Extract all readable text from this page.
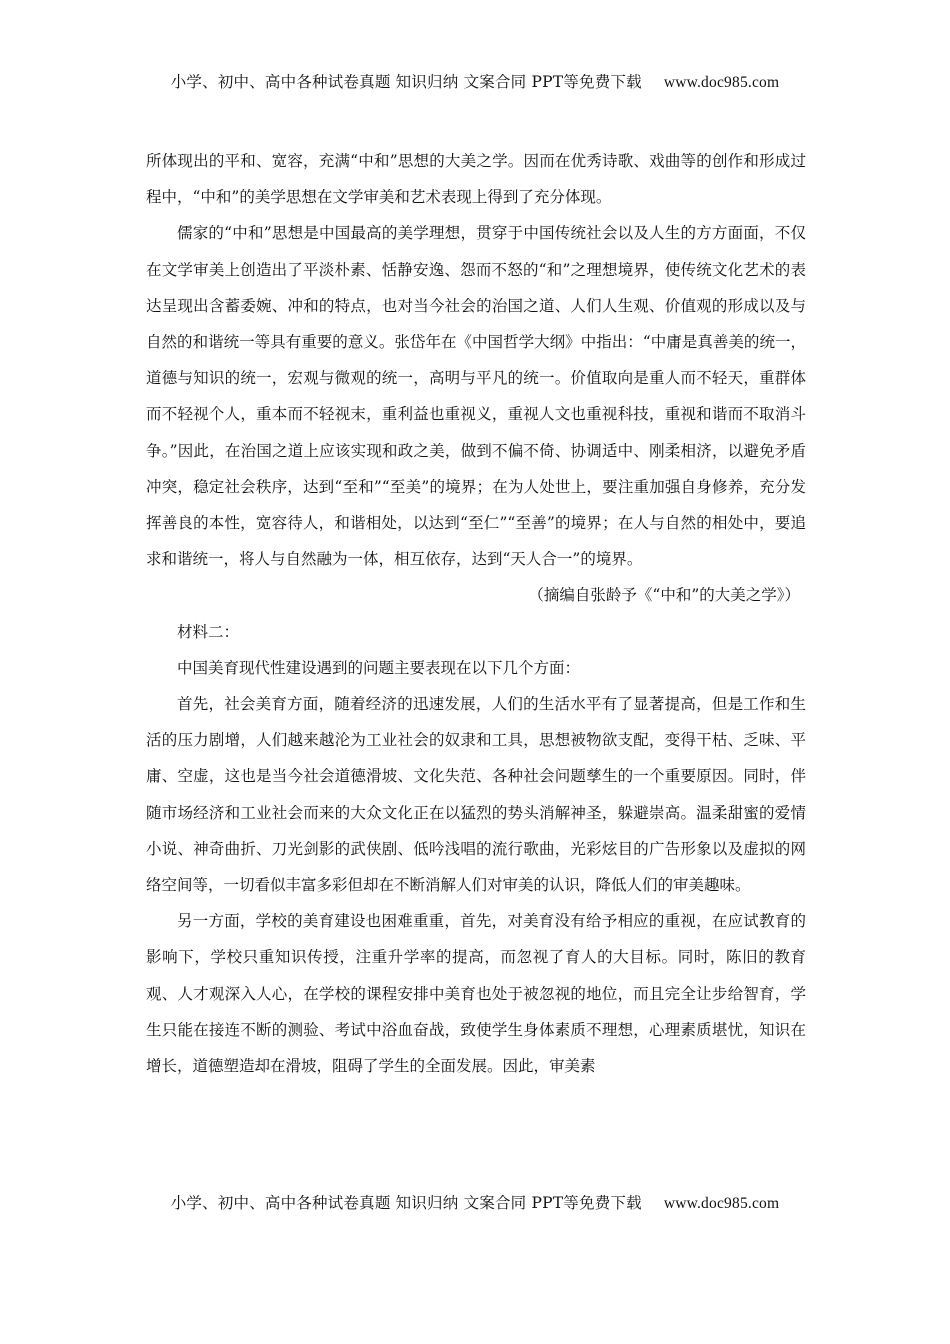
小学、初中、高中各种试卷真题 知识归纳 文案合同 PPT等免费下载 www.doc985.com

所体现出的平和、宽容，充满“中和”思想的大美之学。因而在优秀诗歌、戏曲等的创作和形成过程中，“中和”的美学思想在文学审美和艺术表现上得到了充分体现。

儒家的“中和”思想是中国最高的美学理想，贯穿于中国传统社会以及人生的方方面面，不仅在文学审美上创造出了平淡朴素、恬静安逸、怨而不怒的“和”之理想境界，使传统文化艺术的表达呈现出含蓄委婉、冲和的特点，也对当今社会的治国之道、人们人生观、价值观的形成以及与自然的和谐统一等具有重要的意义。张岱年在《中国哲学大纲》中指出：“中庸是真善美的统一，道德与知识的统一，宏观与微观的统一，高明与平凡的统一。价值取向是重人而不轻天，重群体而不轻视个人，重本而不轻视末，重利益也重视义，重视人文也重视科技，重视和谐而不取消斗争。”因此，在治国之道上应该实现和政之美，做到不偏不倚、协调适中、刚柔相济，以避免矛盾冲突，稳定社会秩序，达到“至和”“至美”的境界；在为人处世上，要注重加强自身修养，充分发挥善良的本性，宽容待人，和谐相处，以达到“至仁”“至善”的境界；在人与自然的相处中，要追求和谐统一，将人与自然融为一体，相互依存，达到“天人合一”的境界。

（摘编自张龄予《“中和”的大美之学》）

材料二：

中国美育现代性建设遇到的问题主要表现在以下几个方面：

首先，社会美育方面，随着经济的迅速发展，人们的生活水平有了显著提高，但是工作和生活的压力剧增，人们越来越沦为工业社会的奴隶和工具，思想被物欲支配，变得干枯、乏味、平庸、空虚，这也是当今社会道德滑坡、文化失范、各种社会问题孳生的一个重要原因。同时，伴随市场经济和工业社会而来的大众文化正在以猛烈的势头消解神圣，躲避崇高。温柔甜蜜的爱情小说、神奇曲折、刀光剑影的武侠剧、低吟浅唱的流行歌曲，光彩炫目的广告形象以及虚拟的网络空间等，一切看似丰富多彩但却在不断消解人们对审美的认识，降低人们的审美趣味。

另一方面，学校的美育建设也困难重重，首先，对美育没有给予相应的重视，在应试教育的影响下，学校只重知识传授，注重升学率的提高，而忽视了育人的大目标。同时，陈旧的教育观、人才观深入人心，在学校的课程安排中美育也处于被忽视的地位，而且完全让步给智育，学生只能在接连不断的测验、考试中浴血奋战，致使学生身体素质不理想，心理素质堪忧，知识在增长，道德塑造却在滑坡，阻碍了学生的全面发展。因此，审美素

小学、初中、高中各种试卷真题 知识归纳 文案合同 PPT等免费下载 www.doc985.com
